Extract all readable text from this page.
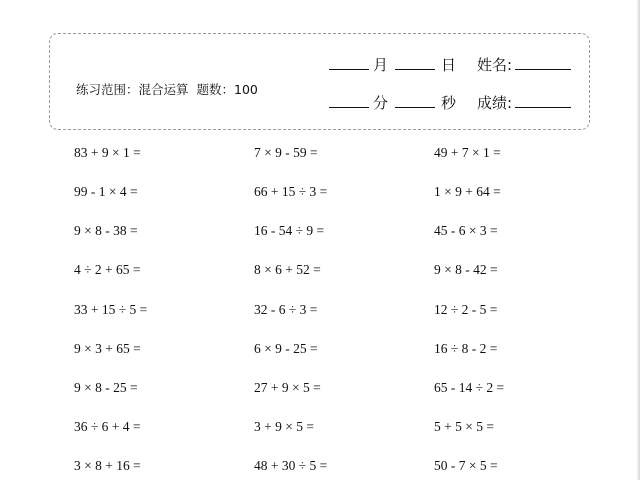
练习范围：混合运算 题数：100
月	日 姓名:
分	秒 成绩:
83 + 9 × 1 =	7 × 9 - 59 =	49 + 7 × 1 =
99 - 1 × 4 =	66 + 15 ÷ 3 =	1 × 9 + 64 =
9 × 8 - 38 =	16 - 54 ÷ 9 =	45 - 6 × 3 =
4 ÷ 2 + 65 =	8 × 6 + 52 =	9 × 8 - 42 =
33 + 15 ÷ 5 =	32 - 6 ÷ 3 =	12 ÷ 2 - 5 =
9 × 3 + 65 =	6 × 9 - 25 =	16 ÷ 8 - 2 =
9 × 8 - 25 =	27 + 9 × 5 =	65 - 14 ÷ 2 =
36 ÷ 6 + 4 =	3 + 9 × 5 =	5 + 5 × 5 =
3 × 8 + 16 =	48 + 30 ÷ 5 =	50 - 7 × 5 =
